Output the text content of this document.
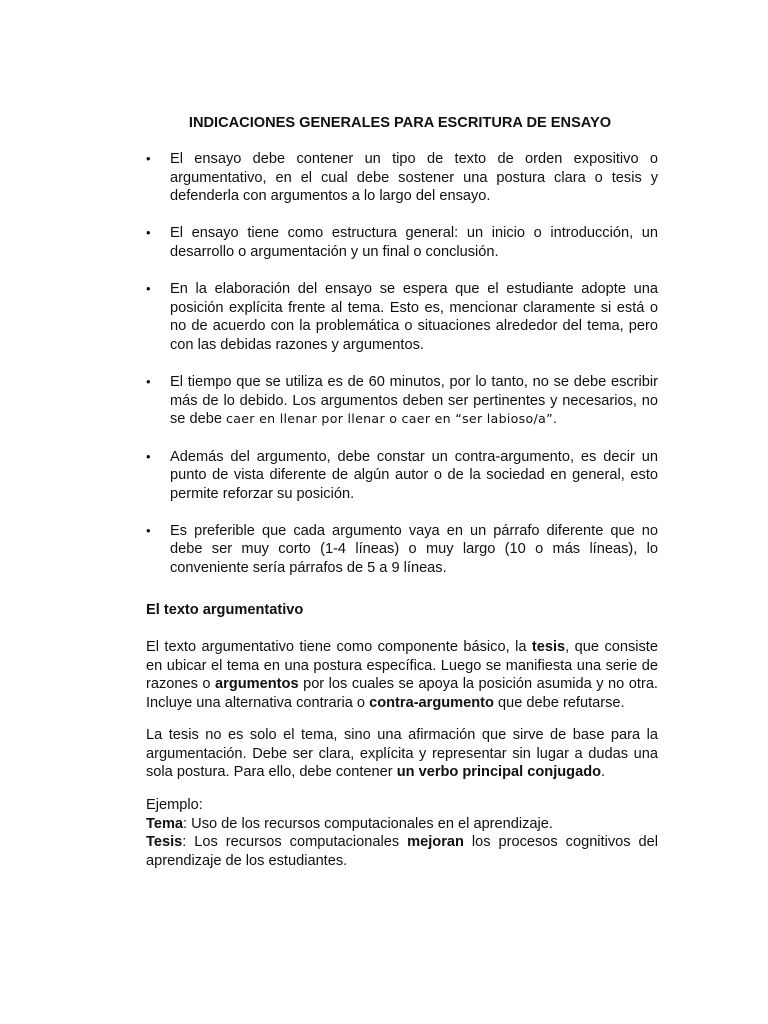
INDICACIONES GENERALES PARA ESCRITURA DE ENSAYO
•	El ensayo debe contener un tipo de texto de orden expositivo o argumentativo, en el cual debe sostener una postura clara o tesis y defenderla con argumentos a lo largo del ensayo.
•	El ensayo tiene como estructura general: un inicio o introducción, un desarrollo o argumentación y un final o conclusión.
•	En la elaboración del ensayo se espera que el estudiante adopte una posición explícita frente al tema. Esto es, mencionar claramente si está o no de acuerdo con la problemática o situaciones alrededor del tema, pero con las debidas razones y argumentos.
•	El tiempo que se utiliza es de 60 minutos, por lo tanto, no se debe escribir más de lo debido. Los argumentos deben ser pertinentes y necesarios, no se debe caer en llenar por llenar o caer en “ser labioso/a”.
•	Además del argumento, debe constar un contra-argumento, es decir un punto de vista diferente de algún autor o de la sociedad en general, esto permite reforzar su posición.
•	Es preferible que cada argumento vaya en un párrafo diferente que no debe ser muy corto (1-4 líneas) o muy largo (10 o más líneas), lo conveniente sería párrafos de 5 a 9 líneas.
El texto argumentativo

El texto argumentativo tiene como componente básico, la tesis, que consiste en ubicar el tema en una postura específica. Luego se manifiesta una serie de razones o argumentos por los cuales se apoya la posición asumida y no otra. Incluye una alternativa contraria o contra-argumento que debe refutarse.

La tesis no es solo el tema, sino una afirmación que sirve de base para la argumentación. Debe ser clara, explícita y representar sin lugar a dudas una sola postura. Para ello, debe contener un verbo principal conjugado.

Ejemplo:
Tema: Uso de los recursos computacionales en el aprendizaje.
Tesis: Los recursos computacionales mejoran los procesos cognitivos del aprendizaje de los estudiantes.
